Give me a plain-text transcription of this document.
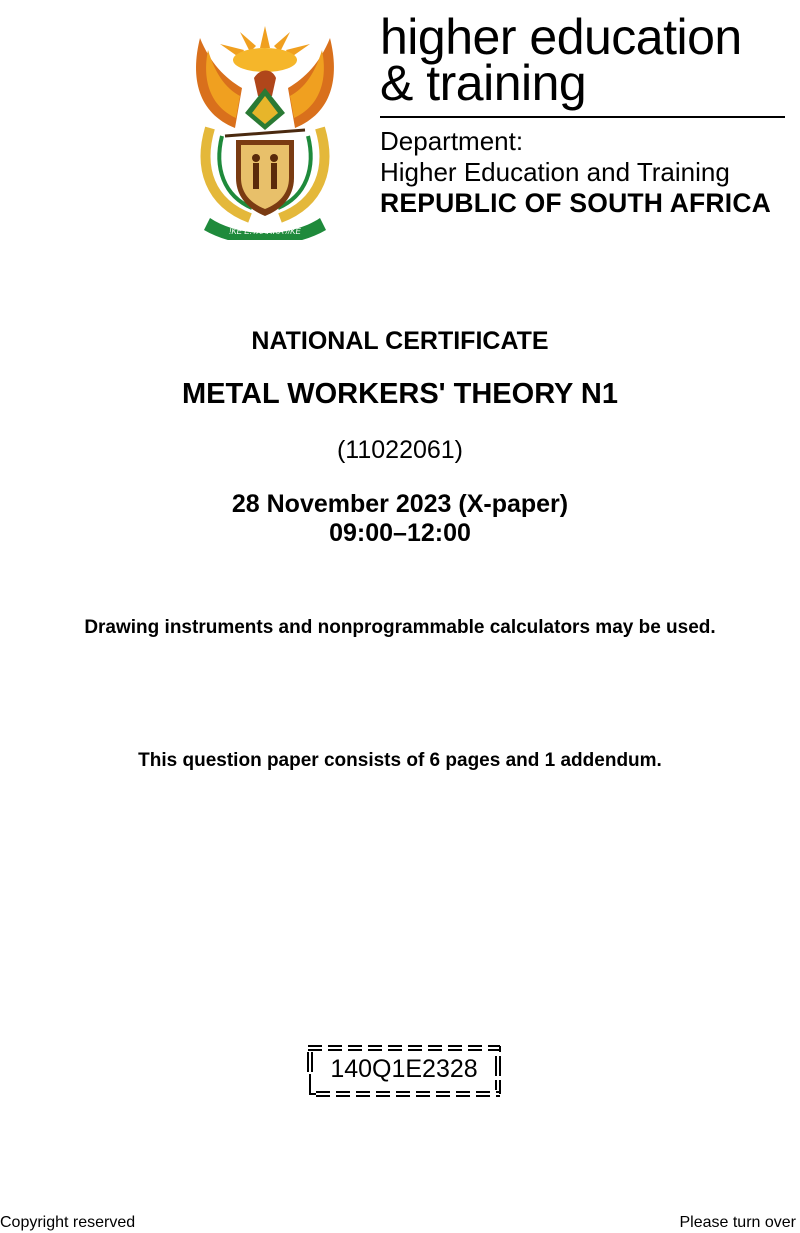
!KE E: /XARRA //KE
higher education
& training
Department:
Higher Education and Training
REPUBLIC OF SOUTH AFRICA
NATIONAL CERTIFICATE
METAL WORKERS' THEORY N1
(11022061)
28 November 2023 (X-paper)
09:00–12:00
Drawing instruments and nonprogrammable calculators may be used.
This question paper consists of 6 pages and 1 addendum.
140Q1E2328
Copyright reserved	Please turn over
